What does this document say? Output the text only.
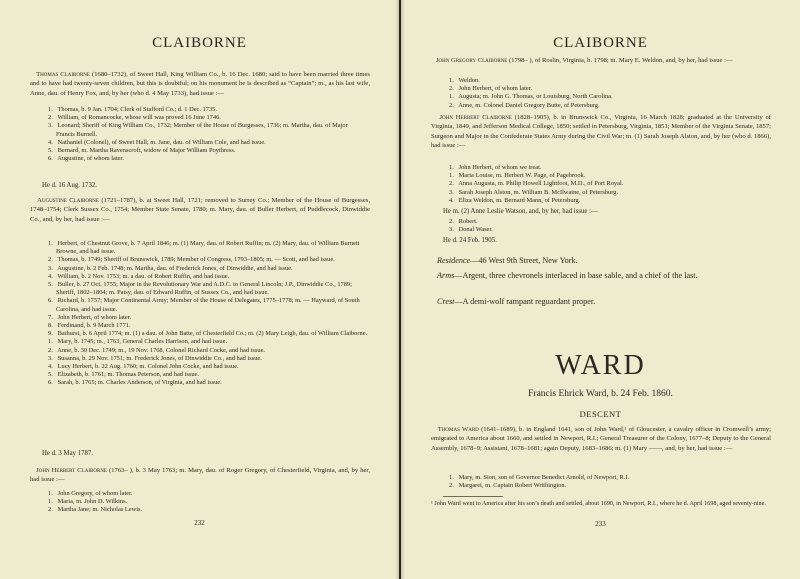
CLAIBORNE
Thomas Claiborne (1680–1732), of Sweet Hall, King William Co., b. 16 Dec. 1680; said to have been married three times and to have had twenty-seven children, but this is doubtful; on his monument he is described as “Captain”; m., as his last wife, Anne, dau. of Henry Fox, and, by her (who d. 4 May 1733), had issue :—
1. Thomas, b. 9 Jan. 1704; Clerk of Stafford Co.; d. 1 Dec. 1735.
2. William, of Romancocke, whose will was proved 16 June 1746.
3. Leonard; Sheriff of King William Co., 1732; Member of the House of Burgesses, 1736; m. Martha, dau. of Major Francis Burnell.
4. Nathaniel (Colonel), of Sweet Hall; m. Jane, dau. of William Cole, and had issue.
5. Bernard, m. Martha Ravenscroft, widow of Major William Poythress.
6. Augustine, of whom later.
He d. 16 Aug. 1732.
Augustine Claiborne (1721–1787), b. at Sweet Hall, 1721; removed to Surrey Co.; Member of the House of Burgesses, 1748–1754; Clerk Sussex Co., 1754; Member State Senate, 1780; m. Mary, dau. of Buller Herbert, of Puddlecock, Dinwiddie Co., and, by her, had issue :—
1. Herbert, of Chestnut Grove, b. 7 April 1846; m. (1) Mary, dau. of Robert Ruffin; m. (2) Mary, dau. of William Burnett Browne, and had issue.
2. Thomas, b. 1749; Sheriff of Brunswick, 1789; Member of Congress, 1793–1805; m. — Scott, and had issue.
3. Augustine, b. 2 Feb. 1748; m. Martha, dau. of Frederick Jones, of Dinwiddie, and had issue.
4. William, b. 2 Nov. 1753; m. a dau. of Robert Ruffin, and had issue.
5. Buller, b. 27 Oct. 1755; Major in the Revolutionary War and A.D.C. to General Lincoln; J.P., Dinwiddie Co., 1789; Sheriff, 1802–1804; m. Patsy, dau. of Edward Ruffin, of Sussex Co., and had issue.
6. Richard, b. 1757; Major Continental Army; Member of the House of Delegates, 1775–1778; m. — Hayward, of South Carolina, and had issue.
7. John Herbert, of whom later.
8. Ferdinand, b. 9 March 1771.
9. Bathurst, b. 6 April 1774; m. (1) a dau. of John Batte, of Chesterfield Co.; m. (2) Mary Leigh, dau. of William Claiborne.
1. Mary, b. 1745; m., 1763, General Charles Harrison, and had issue.
2. Anne, b. 30 Dec. 1749; m., 19 Nov. 1768, Colonel Richard Cocke, and had issue.
3. Susanna, b. 29 Nov. 1751; m. Frederick Jones, of Dinwiddie Co., and had issue.
4. Lucy Herbert, b. 22 Aug. 1760; m. Colonel John Cocke, and had issue.
5. Elizabeth, b. 1761; m. Thomas Peterson, and had issue.
6. Sarah, b. 1765; m. Charles Anderson, of Virginia, and had issue.
He d. 3 May 1787.
John Herbert Claiborne (1763– ), b. 3 May 1763; m. Mary, dau. of Roger Gregory, of Chesterfield, Virginia, and, by her, had issue :—
1. John Gregory, of whom later.
1. Maria, m. John D. Wilkins.
2. Martha Jane; m. Nicholas Lewis.
232
CLAIBORNE
John Gregory Claiborne (1798– ), of Roslin, Virginia, b. 1798; m. Mary E. Weldon, and, by her, had issue :—
1. Weldon.
2. John Herbert, of whom later.
1. Augusta; m. John G. Thomas, or Louisburg, North Carolina.
2. Anne, m. Colonel Daniel Gregory Butte, of Petersburg.
John Herbert Claiborne (1828–1905), b. in Brunswick Co., Virginia, 16 March 1828; graduated at the University of Virginia, 1849, and Jefferson Medical College, 1850; settled in Petersburg, Virginia, 1851; Member of the Virginia Senate, 1857; Surgeon and Major in the Confederate States Army during the Civil War; m. (1) Sarah Joseph Alston, and, by her (who d. 1866), had issue :—
1. John Herbert, of whom we treat.
1. Maria Louise, m. Herbert W. Page, of Pagebrook.
2. Anna Augusta, m. Philip Howell Lightfoot, M.D., of Port Royal.
3. Sarah Joseph Alston, m. William B. McIlwaine, of Petersburg.
4. Eliza Weldon, m. Bernard Mann, of Petersburg.
He m. (2) Anne Leslie Watson, and, by her, had issue :—
2. Robert.
3. Donal Waser.
He d. 24 Feb. 1905.
Residence—46 West 9th Street, New York.
Arms—Argent, three chevronels interlaced in base sable, and a chief of the last.
Crest—A demi-wolf rampant reguardant proper.
WARD
Francis Ehrick Ward, b. 24 Feb. 1860.
DESCENT
Thomas Ward (1641–1689), b. in England 1641, son of John Ward,¹ of Gloucester, a cavalry officer in Cromwell’s army; emigrated to America about 1660, and settled in Newport, R.I.; General Treasurer of the Colony, 1677–8; Deputy to the General Assembly, 1678–9; Assistant, 1678–1681; again Deputy, 1683–1686; m. (1) Mary ——, and, by her, had issue :—
1. Mary, m. Sion, son of Governor Benedict Arnold, of Newport, R.I.
2. Margaret, m. Captain Robert Writhington.
¹ John Ward went to America after his son’s death and settled, about 1690, in Newport, R.I., where he d. April 1698, aged seventy-nine.
233
